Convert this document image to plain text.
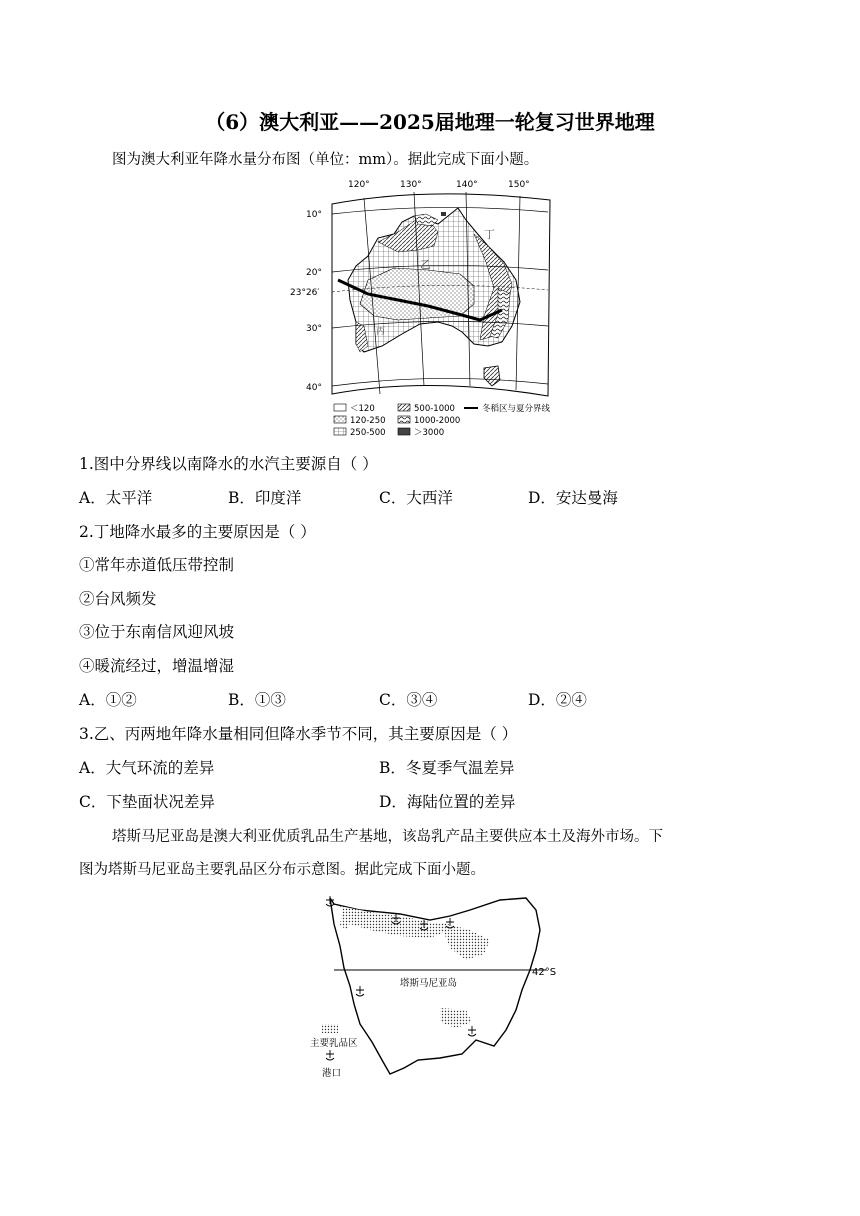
（6）澳大利亚——2025届地理一轮复习世界地理
图为澳大利亚年降水量分布图（单位：mm）。据此完成下面小题。
120°	130°	140°	150°
10°
20°
23°26′
30°
40°
丁
乙
丙
＜120
120-250
250-500
500-1000
1000-2000
＞3000
冬稻区与夏分界线
1.图中分界线以南降水的水汽主要源自（ ）
A．太平洋	B．印度洋	C．大西洋	D．安达曼海
2.丁地降水最多的主要原因是（ ）
①常年赤道低压带控制
②台风频发
③位于东南信风迎风坡
④暖流经过，增温增湿
A．①②	B．①③	C．③④	D．②④
3.乙、丙两地年降水量相同但降水季节不同，其主要原因是（ ）
A．大气环流的差异	B．冬夏季气温差异
C．下垫面状况差异	D．海陆位置的差异
塔斯马尼亚岛是澳大利亚优质乳品生产基地，该岛乳产品主要供应本土及海外市场。下
图为塔斯马尼亚岛主要乳品区分布示意图。据此完成下面小题。
42°S
塔斯马尼亚岛
主要乳品区
港口
